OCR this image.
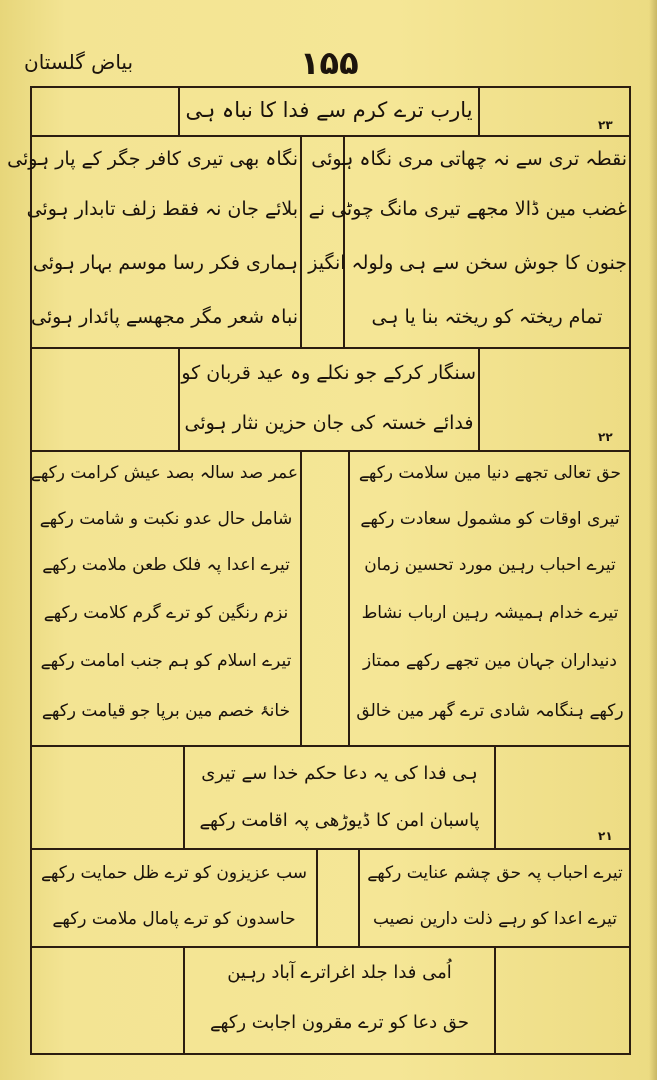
بیاض گلستان	۱۵۵
۲۳
۲۲
۲۱
یارب ترے کرم سے فدا کا نباہ ہی
نقطہ تری سے نہ چھاتی مری نگاہ ہوئی
غضب مین ڈالا مجھے تیری مانگ چوٹی نے
جنون کا جوش سخن سے ہی ولولہ انگیز
تمام ریختہ کو ریختہ بنا یا ہی
نگاہ بھی تیری کافر جگر کے پار ہوئی
بلائے جان نہ فقط زلف تابدار ہوئی
ہماری فکر رسا موسم بہار ہوئی
نباہ شعر مگر مجھسے پائدار ہوئی
سنگار کرکے جو نکلے وہ عید قربان کو
فدائے خستہ کی جان حزین نثار ہوئی
حق تعالی تجھے دنیا مین سلامت رکھے
تیری اوقات کو مشمول سعادت رکھے
تیرے احباب رہین مورد تحسین زمان
تیرے خدام ہمیشہ رہین ارباب نشاط
دنیداران جہان مین تجھے رکھے ممتاز
رکھے ہنگامہ شادی ترے گھر مین خالق
عمر صد سالہ بصد عیش کرامت رکھے
شامل حال عدو نکبت و شامت رکھے
تیرے اعدا پہ فلک طعن ملامت رکھے
نزم رنگین کو ترے گرم کلامت رکھے
تیرے اسلام کو ہم جنب امامت رکھے
خانۂ خصم مین برپا جو قیامت رکھے
ہی فدا کی یہ دعا حکم خدا سے تیری
پاسبان امن کا ڈیوڑھی پہ اقامت رکھے
تیرے احباب پہ حق چشم عنایت رکھے
تیرے اعدا کو رہے ذلت دارین نصیب
سب عزیزون کو ترے ظل حمایت رکھے
حاسدون کو ترے پامال ملامت رکھے
اُمی فدا جلد اغراترے آباد رہین
حق دعا کو ترے مقرون اجابت رکھے
